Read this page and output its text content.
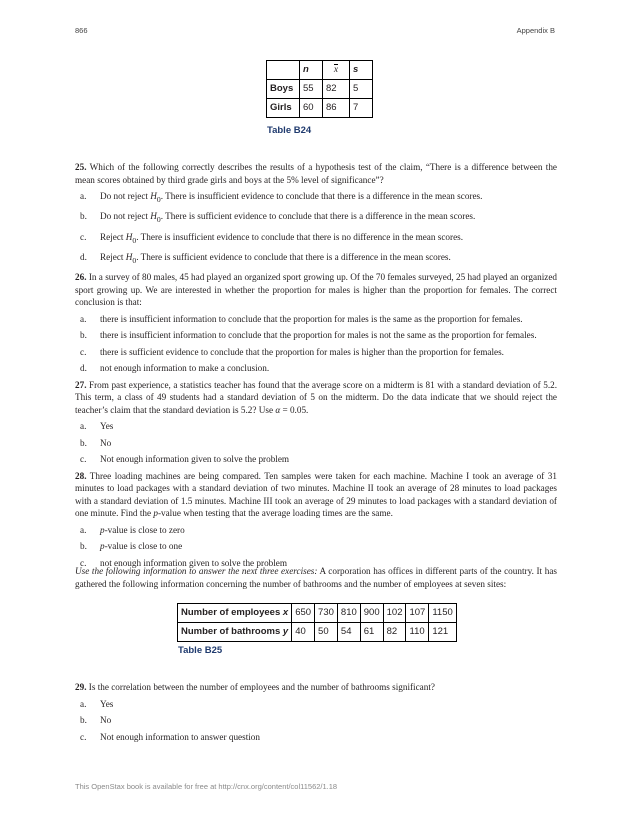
866	Appendix B
	n	x	s
Boys	55	82	5
Girls	60	86	7
Table B24

25. Which of the following correctly describes the results of a hypothesis test of the claim, “There is a difference between the mean scores obtained by third grade girls and boys at the 5% level of significance”?

a. Do not reject $H_0$. There is insufficient evidence to conclude that there is a difference in the mean scores.
b. Do not reject $H_0$. There is sufficient evidence to conclude that there is a difference in the mean scores.
c. Reject $H_0$. There is insufficient evidence to conclude that there is no difference in the mean scores.
d. Reject $H_0$. There is sufficient evidence to conclude that there is a difference in the mean scores.

26. In a survey of 80 males, 45 had played an organized sport growing up. Of the 70 females surveyed, 25 had played an organized sport growing up. We are interested in whether the proportion for males is higher than the proportion for females. The correct conclusion is that:

a. there is insufficient information to conclude that the proportion for males is the same as the proportion for females.
b. there is insufficient information to conclude that the proportion for males is not the same as the proportion for females.
c. there is sufficient evidence to conclude that the proportion for males is higher than the proportion for females.
d. not enough information to make a conclusion.

27. From past experience, a statistics teacher has found that the average score on a midterm is 81 with a standard deviation of 5.2. This term, a class of 49 students had a standard deviation of 5 on the midterm. Do the data indicate that we should reject the teacher’s claim that the standard deviation is 5.2? Use α = 0.05.

a. Yes
b. No
c. Not enough information given to solve the problem

28. Three loading machines are being compared. Ten samples were taken for each machine. Machine I took an average of 31 minutes to load packages with a standard deviation of two minutes. Machine II took an average of 28 minutes to load packages with a standard deviation of 1.5 minutes. Machine III took an average of 29 minutes to load packages with a standard deviation of one minute. Find the p-value when testing that the average loading times are the same.

a. p-value is close to zero
b. p-value is close to one
c. not enough information given to solve the problem

Use the following information to answer the next three exercises: A corporation has offices in different parts of the country. It has gathered the following information concerning the number of bathrooms and the number of employees at seven sites:

Number of employees x	650	730	810	900	102	107	1150
Number of bathrooms y	40	50	54	61	82	110	121
Table B25

29. Is the correlation between the number of employees and the number of bathrooms significant?

a. Yes
b. No
c. Not enough information to answer question
This OpenStax book is available for free at http://cnx.org/content/col11562/1.18
